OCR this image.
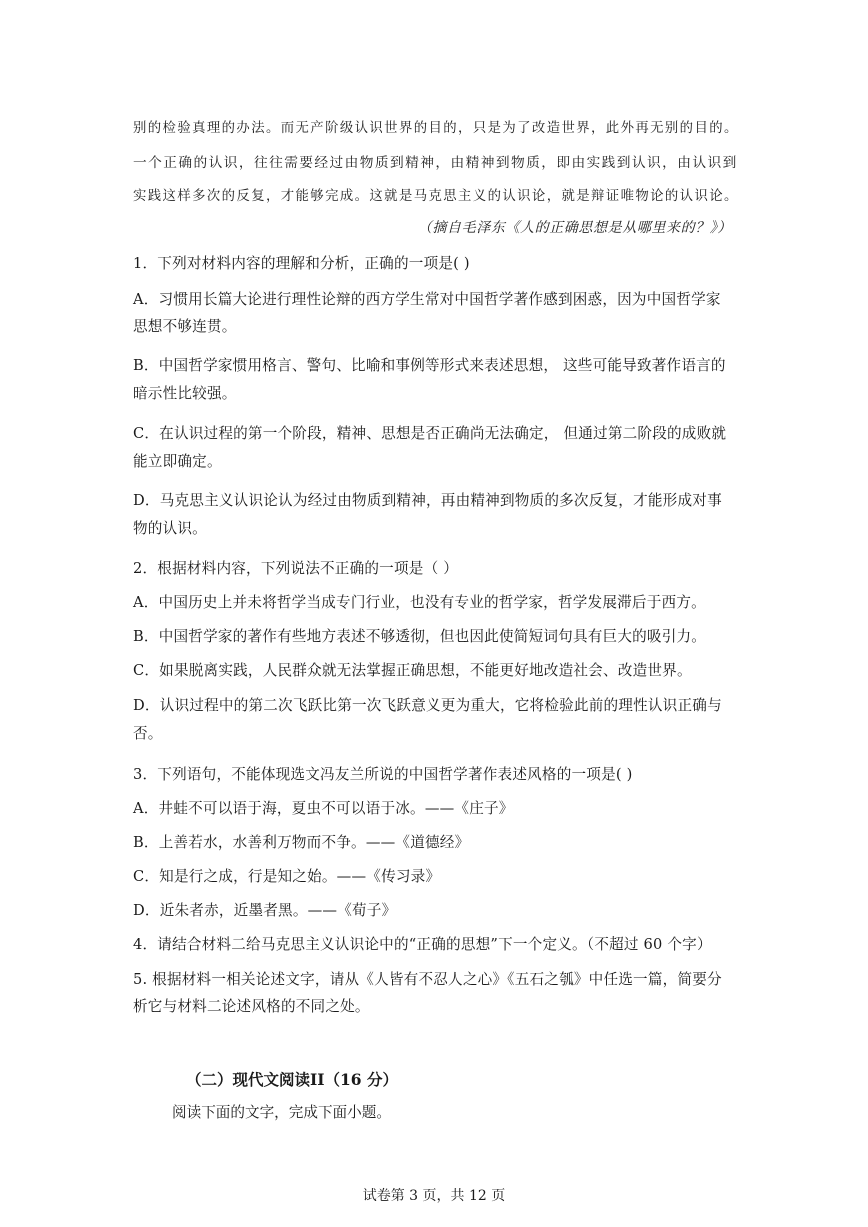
别的检验真理的办法。而无产阶级认识世界的目的，只是为了改造世界，此外再无别的目的。
一个正确的认识，往往需要经过由物质到精神，由精神到物质，即由实践到认识，由认识到
实践这样多次的反复，才能够完成。这就是马克思主义的认识论，就是辩证唯物论的认识论。
（摘自毛泽东《人的正确思想是从哪里来的？》）
1．下列对材料内容的理解和分析，正确的一项是( )
A．习惯用长篇大论进行理性论辩的西方学生常对中国哲学著作感到困惑，因为中国哲学家
思想不够连贯。
B．中国哲学家惯用格言、警句、比喻和事例等形式来表述思想， 这些可能导致著作语言的
暗示性比较强。
C．在认识过程的第一个阶段，精神、思想是否正确尚无法确定， 但通过第二阶段的成败就
能立即确定。
D．马克思主义认识论认为经过由物质到精神，再由精神到物质的多次反复，才能形成对事
物的认识。
2．根据材料内容，下列说法不正确的一项是（ ）
A．中国历史上并未将哲学当成专门行业，也没有专业的哲学家，哲学发展滞后于西方。
B．中国哲学家的著作有些地方表述不够透彻，但也因此使简短词句具有巨大的吸引力。
C．如果脱离实践，人民群众就无法掌握正确思想，不能更好地改造社会、改造世界。
D．认识过程中的第二次飞跃比第一次飞跃意义更为重大，它将检验此前的理性认识正确与
否。
3．下列语句，不能体现选文冯友兰所说的中国哲学著作表述风格的一项是( )
A．井蛙不可以语于海，夏虫不可以语于冰。——《庄子》
B．上善若水，水善利万物而不争。——《道德经》
C．知是行之成，行是知之始。——《传习录》
D．近朱者赤，近墨者黑。——《荀子》
4．请结合材料二给马克思主义认识论中的“正确的思想”下一个定义。（不超过 60 个字）
5. 根据材料一相关论述文字，请从《人皆有不忍人之心》《五石之瓠》中任选一篇，简要分
析它与材料二论述风格的不同之处。
（二）现代文阅读II（16 分）
阅读下面的文字，完成下面小题。
试卷第 3 页，共 12 页
